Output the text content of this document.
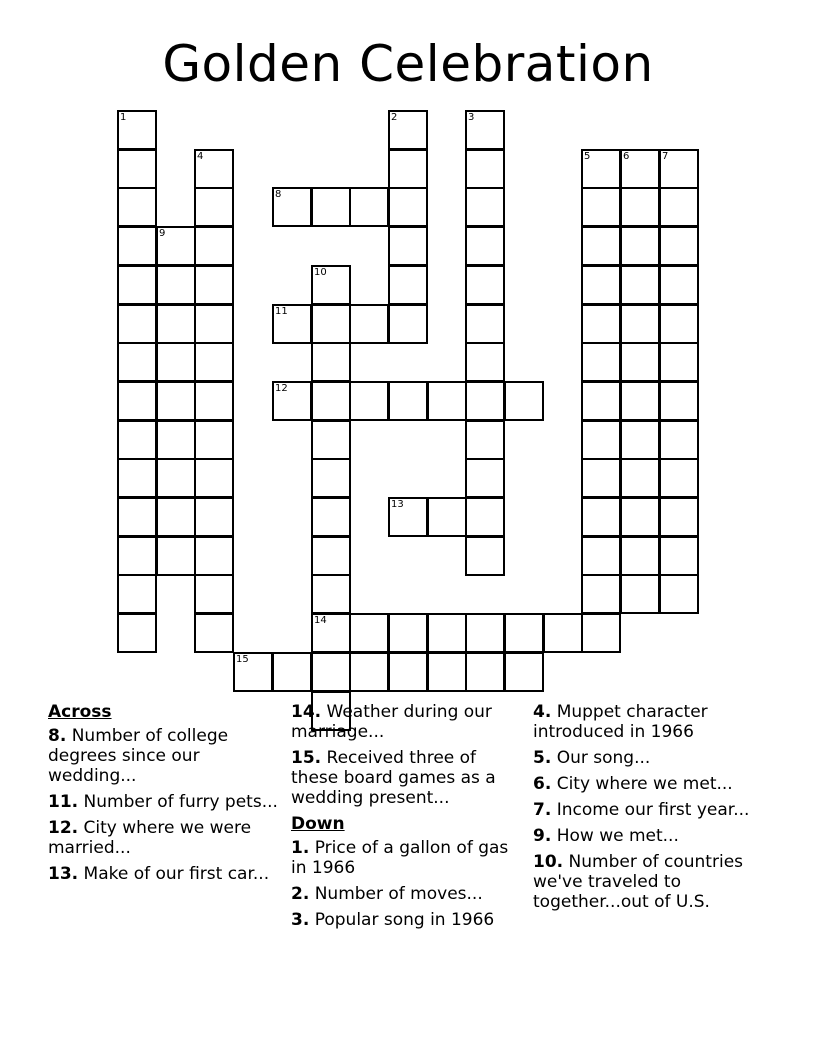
Golden Celebration
1	2	3
4	5	6	7
8
9
10
14
11
12
13
15
Across
8. Number of college degrees since our wedding...
11. Number of furry pets...
12. City where we were married...
13. Make of our first car...
14. Weather during our marriage...
15. Received three of these board games as a wedding present...
Down
1. Price of a gallon of gas in 1966
2. Number of moves...
3. Popular song in 1966
4. Muppet character introduced in 1966
5. Our song...
6. City where we met...
7. Income our first year...
9. How we met...
10. Number of countries we've traveled to together...out of U.S.
